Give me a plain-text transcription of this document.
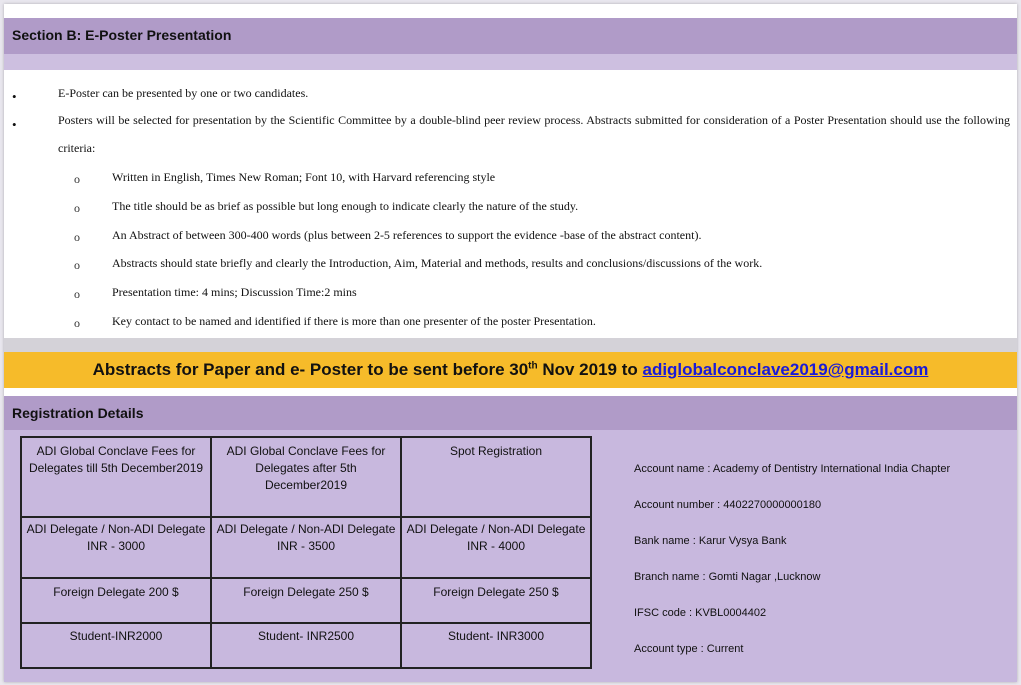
Section B: E-Poster Presentation
•	E-Poster can be presented by one or two candidates.
•	Posters will be selected for presentation by the Scientific Committee by a double-blind peer review process. Abstracts submitted for consideration of a Poster Presentation should use the following criteria:
o	Written in English, Times New Roman; Font 10, with Harvard referencing style
o	The title should be as brief as possible but long enough to indicate clearly the nature of the study.
o	An Abstract of between 300-400 words (plus between 2-5 references to support the evidence -base of the abstract content).
o	Abstracts should state briefly and clearly the Introduction, Aim, Material and methods, results and conclusions/discussions of the work.
o	Presentation time: 4 mins; Discussion Time:2 mins
o	Key contact to be named and identified if there is more than one presenter of the poster Presentation.
Abstracts for Paper and e- Poster to be sent before 30th Nov 2019 to adiglobalconclave2019@gmail.com
Registration Details
ADI Global Conclave Fees for Delegates till 5th December2019	ADI Global Conclave Fees for Delegates after 5th December2019	Spot Registration
ADI Delegate / Non-ADI Delegate INR - 3000	ADI Delegate / Non-ADI Delegate INR - 3500	ADI Delegate / Non-ADI Delegate INR - 4000
Foreign Delegate 200 $	Foreign Delegate 250 $	Foreign Delegate 250 $
Student-INR2000	Student- INR2500	Student- INR3000
Account name : Academy of Dentistry International India Chapter
Account number : 4402270000000180
Bank name : Karur Vysya Bank
Branch name : Gomti Nagar ,Lucknow
IFSC code : KVBL0004402
Account type : Current
